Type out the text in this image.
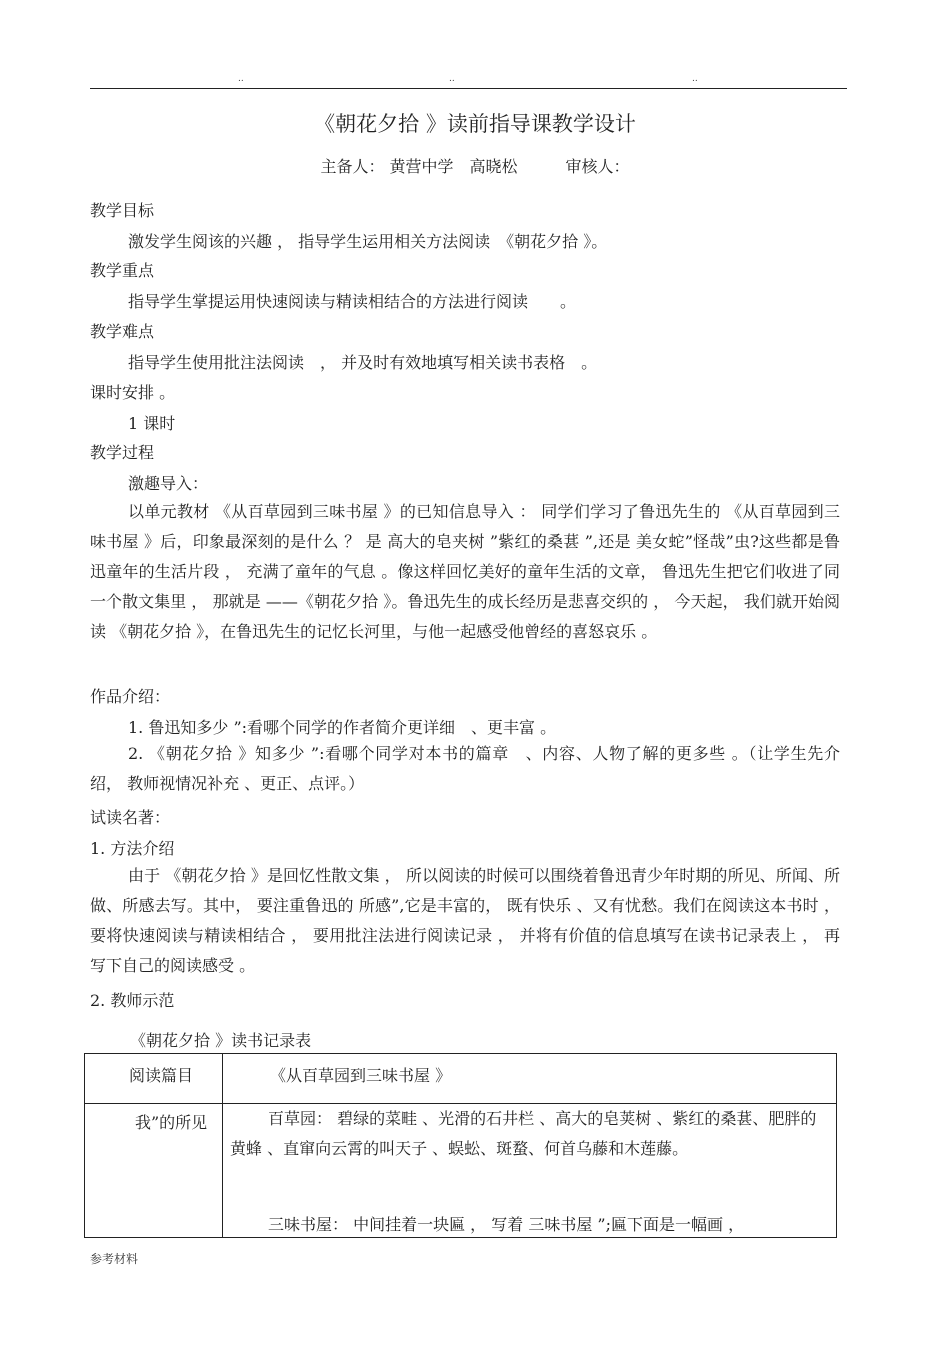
..	..	..
《朝花夕拾 》读前指导课教学设计
主备人： 黄营中学　高晓松　　　审核人：
教学目标
激发学生阅该的兴趣 ， 指导学生运用相关方法阅读　《朝花夕拾 》。
教学重点
指导学生掌提运用快速阅读与精读相结合的方法进行阅读　　。
教学难点
指导学生使用批注法阅读　， 并及时有效地填写相关读书表格　。
课时安排 。
1 课时
教学过程
激趣导入：

以单元教材 《从百草园到三味书屋 》的已知信息导入 ： 同学们学习了鲁迅先生的 《从百草园到三味书屋 》后，印象最深刻的是什么 ？ 是 高大的皂夹树 ”紫红的桑葚 ”,还是 美女蛇”怪哉”虫?这些都是鲁迅童年的生活片段 ， 充满了童年的气息 。像这样回忆美好的童年生活的文章， 鲁迅先生把它们收进了同一个散文集里 ， 那就是 ——《朝花夕拾 》。鲁迅先生的成长经历是悲喜交织的 ， 今天起， 我们就开始阅读 《朝花夕拾 》，在鲁迅先生的记忆长河里，与他一起感受他曾经的喜怒哀乐 。

作品介绍：
1. 鲁迅知多少 ”:看哪个同学的作者简介更详细　、更丰富 。

2. 《朝花夕拾 》知多少 ”:看哪个同学对本书的篇章　、内容、人物了解的更多些 。（让学生先介绍， 教师视情况补充 、更正、点评。）

试读名著：
1. 方法介绍

由于 《朝花夕拾 》是回忆性散文集 ， 所以阅读的时候可以围绕着鲁迅青少年时期的所见、所闻、所做、所感去写。其中， 要注重鲁迅的 所感”,它是丰富的， 既有快乐 、又有忧愁。我们在阅读这本书时 ， 要将快速阅读与精读相结合 ， 要用批注法进行阅读记录 ， 并将有价值的信息填写在读书记录表上 ， 再写下自己的阅读感受 。

2. 教师示范
《朝花夕拾 》读书记录表
阅读篇目	《从百草园到三味书屋 》
我”的所见	百草园： 碧绿的菜畦 、光滑的石井栏 、高大的皂荚树 、紫红的桑葚、肥胖的黄蜂 、直窜向云霄的叫天子 、蜈蚣、斑蝥、何首乌藤和木莲藤。

三味书屋： 中间挂着一块匾 ， 写着 三味书屋 ”;匾下面是一幅画 ，

参考材料
